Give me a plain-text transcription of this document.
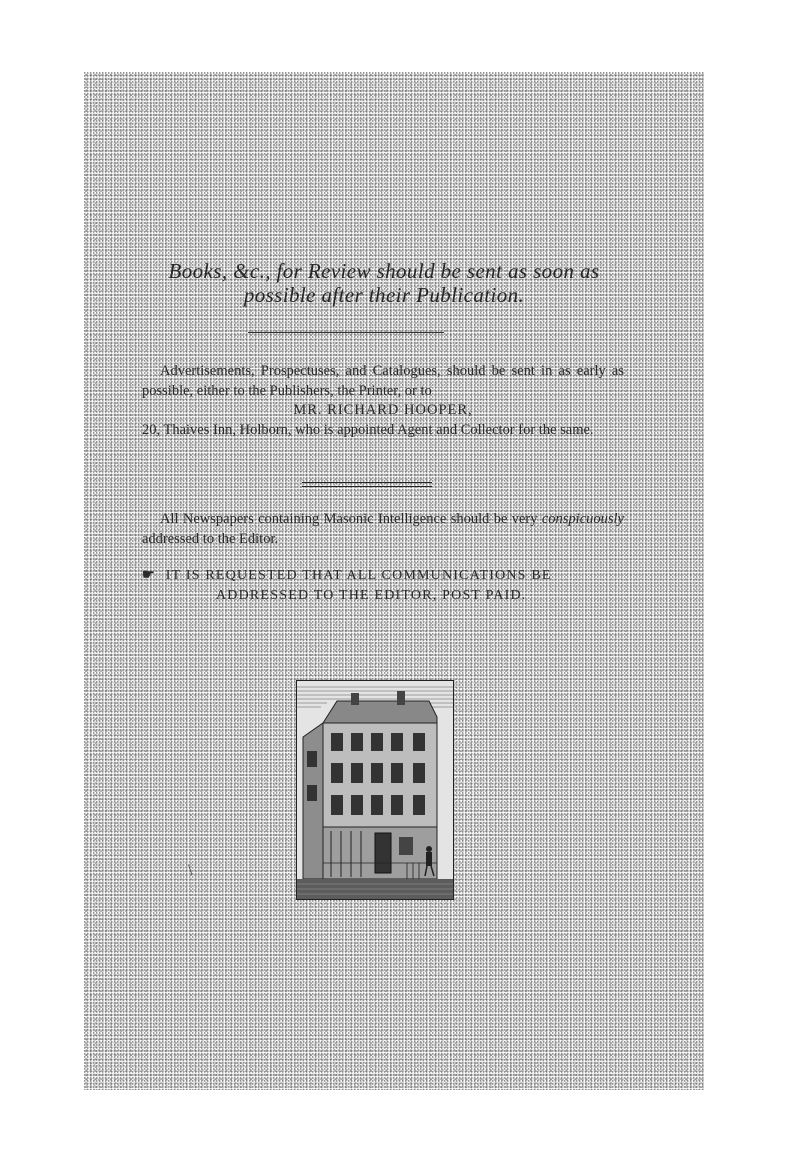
Books, &c., for Review should be sent as soon as
possible after their Publication.
Advertisements, Prospectuses, and Catalogues, should be sent in as early as possible, either to the Publishers, the Printer, or to
MR. RICHARD HOOPER,
20, Thaives Inn, Holborn, who is appointed Agent and Collector for the same.
All Newspapers containing Masonic Intelligence should be very conspicuously addressed to the Editor.
☛ IT IS REQUESTED THAT ALL COMMUNICATIONS BE
ADDRESSED TO THE EDITOR, POST PAID.
\
